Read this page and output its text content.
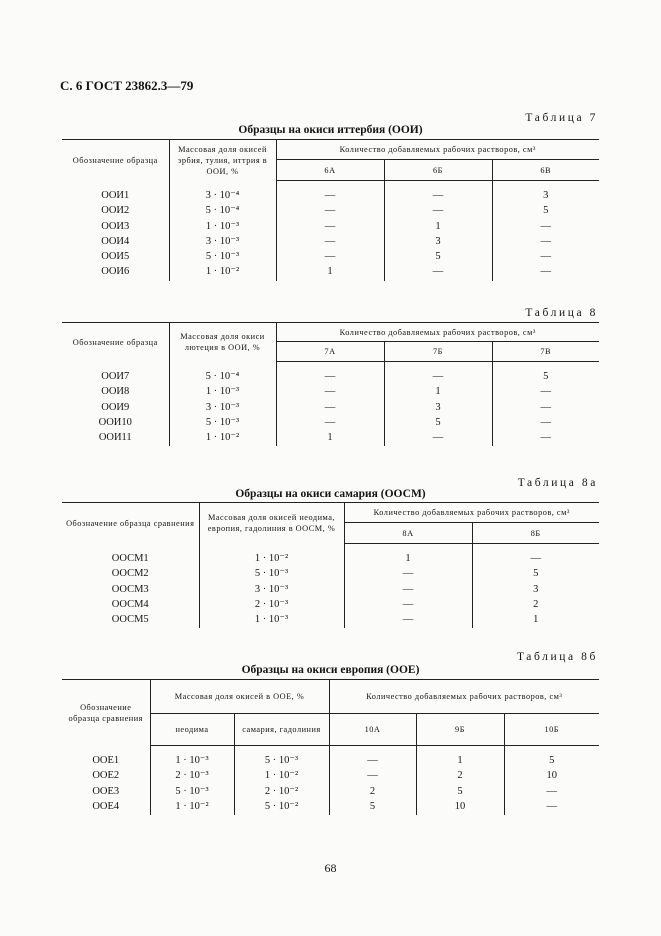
С. 6 ГОСТ 23862.3—79
Таблица 7
Образцы на окиси иттербия (ООИ)
Обозначение образца	Массовая доля окисей эрбия, тулия, иттрия в ООИ, %	Количество добавляемых рабочих растворов, см³		
		6А	6Б	6В
ООИ1	3 · 10⁻⁴	—	—	3
ООИ2	5 · 10⁻⁴	—	—	5
ООИ3	1 · 10⁻³	—	1	—
ООИ4	3 · 10⁻³	—	3	—
ООИ5	5 · 10⁻³	—	5	—
ООИ6	1 · 10⁻²	1	—	—
Таблица 8
Обозначение образца	Массовая доля окиси лютеция в ООИ, %	Количество добавляемых рабочих растворов, см³		
		7А	7Б	7В
ООИ7	5 · 10⁻⁴	—	—	5
ООИ8	1 · 10⁻³	—	1	—
ООИ9	3 · 10⁻³	—	3	—
ООИ10	5 · 10⁻³	—	5	—
ООИ11	1 · 10⁻²	1	—	—
Таблица 8а
Образцы на окиси самария (ООСМ)
Обозначение образца сравнения	Массовая доля окисей неодима, европия, гадолиния в ООСМ, %	Количество добавляемых рабочих растворов, см³	
		8А	8Б
ООСМ1	1 · 10⁻²	1	—
ООСМ2	5 · 10⁻³	—	5
ООСМ3	3 · 10⁻³	—	3
ООСМ4	2 · 10⁻³	—	2
ООСМ5	1 · 10⁻³	—	1
Таблица 8б
Образцы на окиси европия (ООЕ)
Обозначение образца сравнения	Массовая доля окисей в ООЕ, %		Количество добавляемых рабочих растворов, см³		
	неодима	самария, гадолиния	10А	9Б	10Б
ООЕ1	1 · 10⁻³	5 · 10⁻³	—	1	5
ООЕ2	2 · 10⁻³	1 · 10⁻²	—	2	10
ООЕ3	5 · 10⁻³	2 · 10⁻²	2	5	—
ООЕ4	1 · 10⁻²	5 · 10⁻²	5	10	—
68
